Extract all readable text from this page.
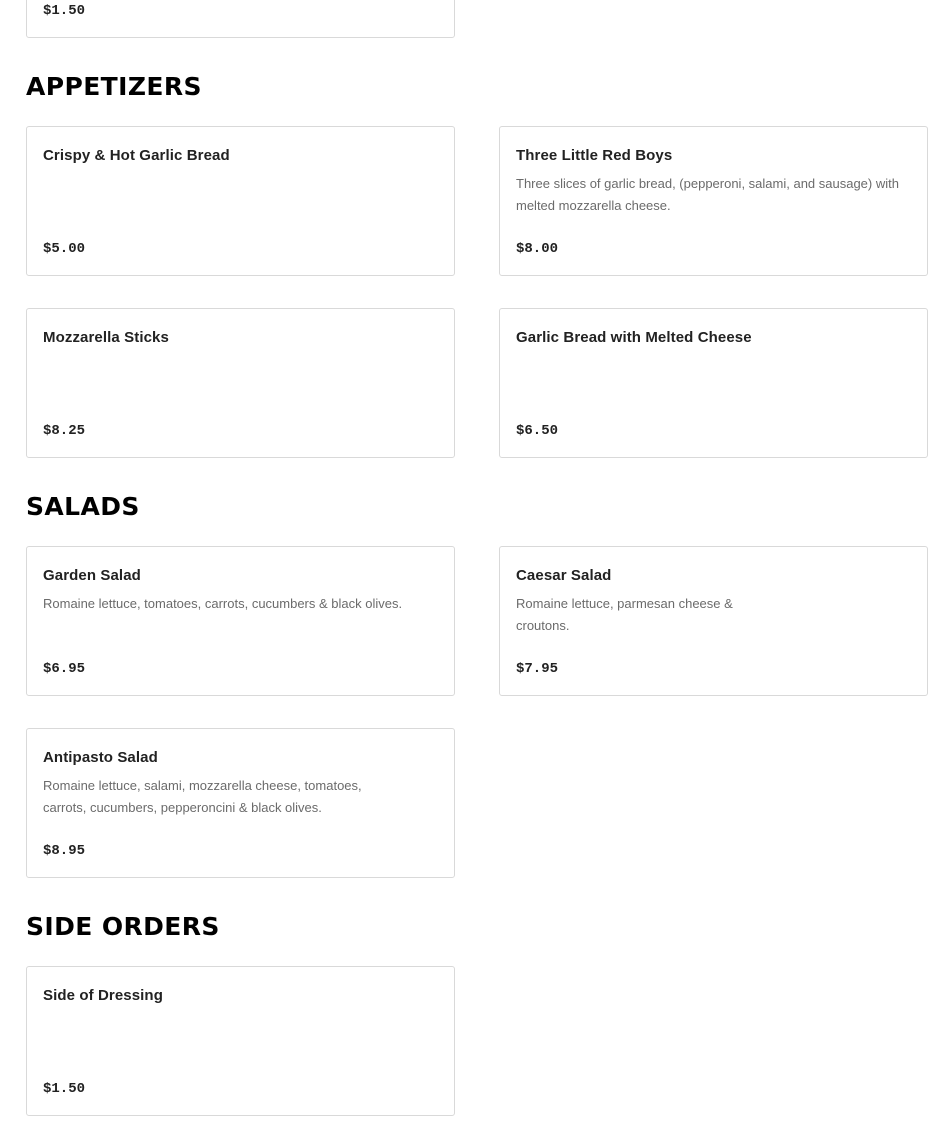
$1.50
APPETIZERS
Crispy & Hot Garlic Bread
$5.00
Three Little Red Boys
Three slices of garlic bread, (pepperoni, salami, and sausage) with melted mozzarella cheese.
$8.00
Mozzarella Sticks
$8.25
Garlic Bread with Melted Cheese
$6.50
SALADS
Garden Salad
Romaine lettuce, tomatoes, carrots, cucumbers & black olives.
$6.95
Caesar Salad
Romaine lettuce, parmesan cheese & croutons.
$7.95
Antipasto Salad
Romaine lettuce, salami, mozzarella cheese, tomatoes, carrots, cucumbers, pepperoncini & black olives.
$8.95
SIDE ORDERS
Side of Dressing
$1.50
